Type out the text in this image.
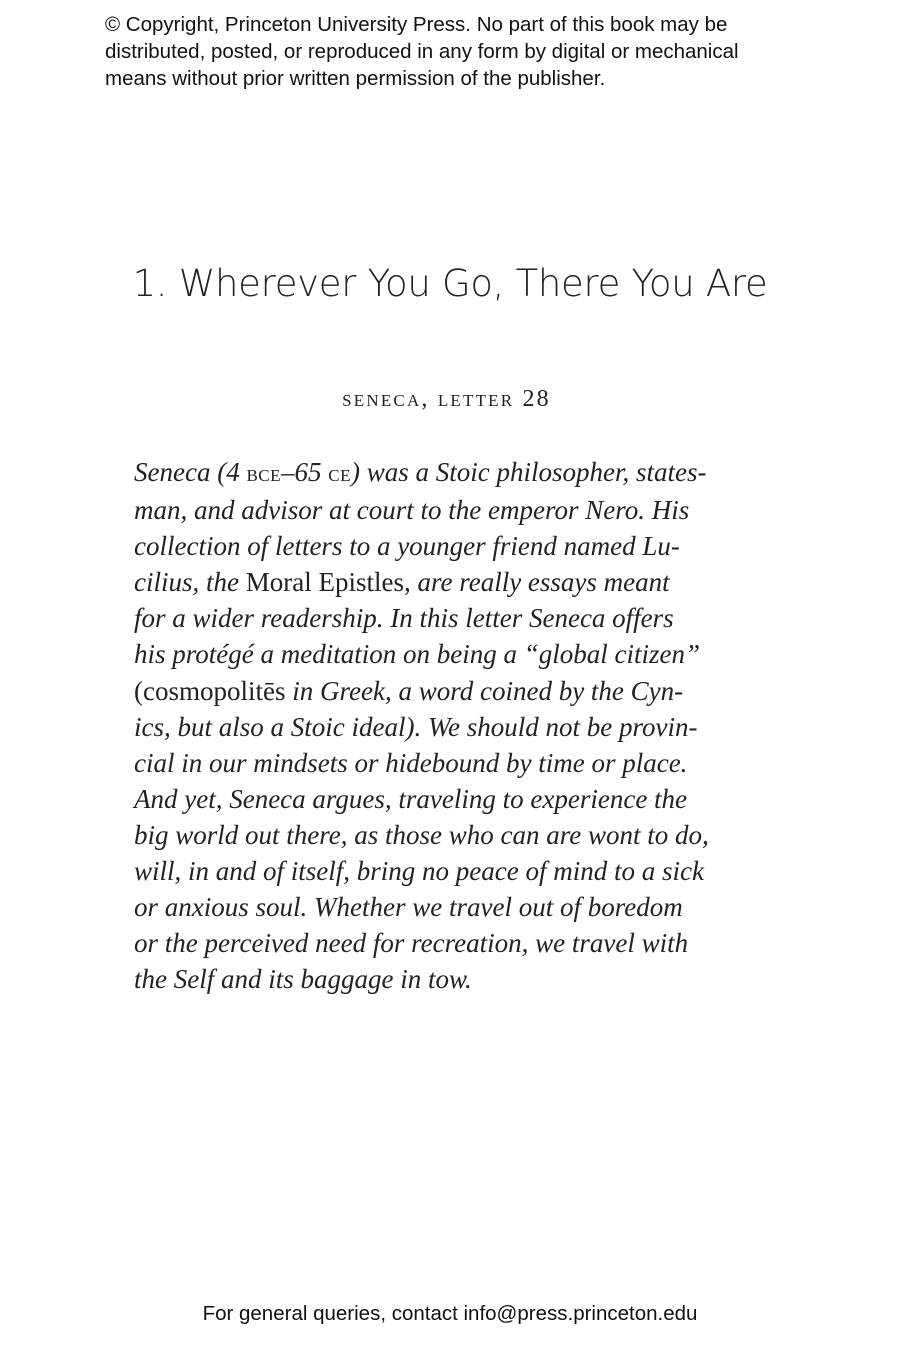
© Copyright, Princeton University Press. No part of this book may be
distributed, posted, or reproduced in any form by digital or mechanical
means without prior written permission of the publisher.
1. Wherever You Go, There You Are
seneca, letter 28
Seneca (4 bce–65 ce) was a Stoic philosopher, states-
man, and advisor at court to the emperor Nero. His
collection of letters to a younger friend named Lu-
cilius, the Moral Epistles, are really essays meant
for a wider readership. In this letter Seneca offers
his protégé a meditation on being a “global citizen”
(cosmopolitēs in Greek, a word coined by the Cyn-
ics, but also a Stoic ideal). We should not be provin-
cial in our mindsets or hidebound by time or place.
And yet, Seneca argues, traveling to experience the
big world out there, as those who can are wont to do,
will, in and of itself, bring no peace of mind to a sick
or anxious soul. Whether we travel out of boredom
or the perceived need for recreation, we travel with
the Self and its baggage in tow.
For general queries, contact info@press.princeton.edu
